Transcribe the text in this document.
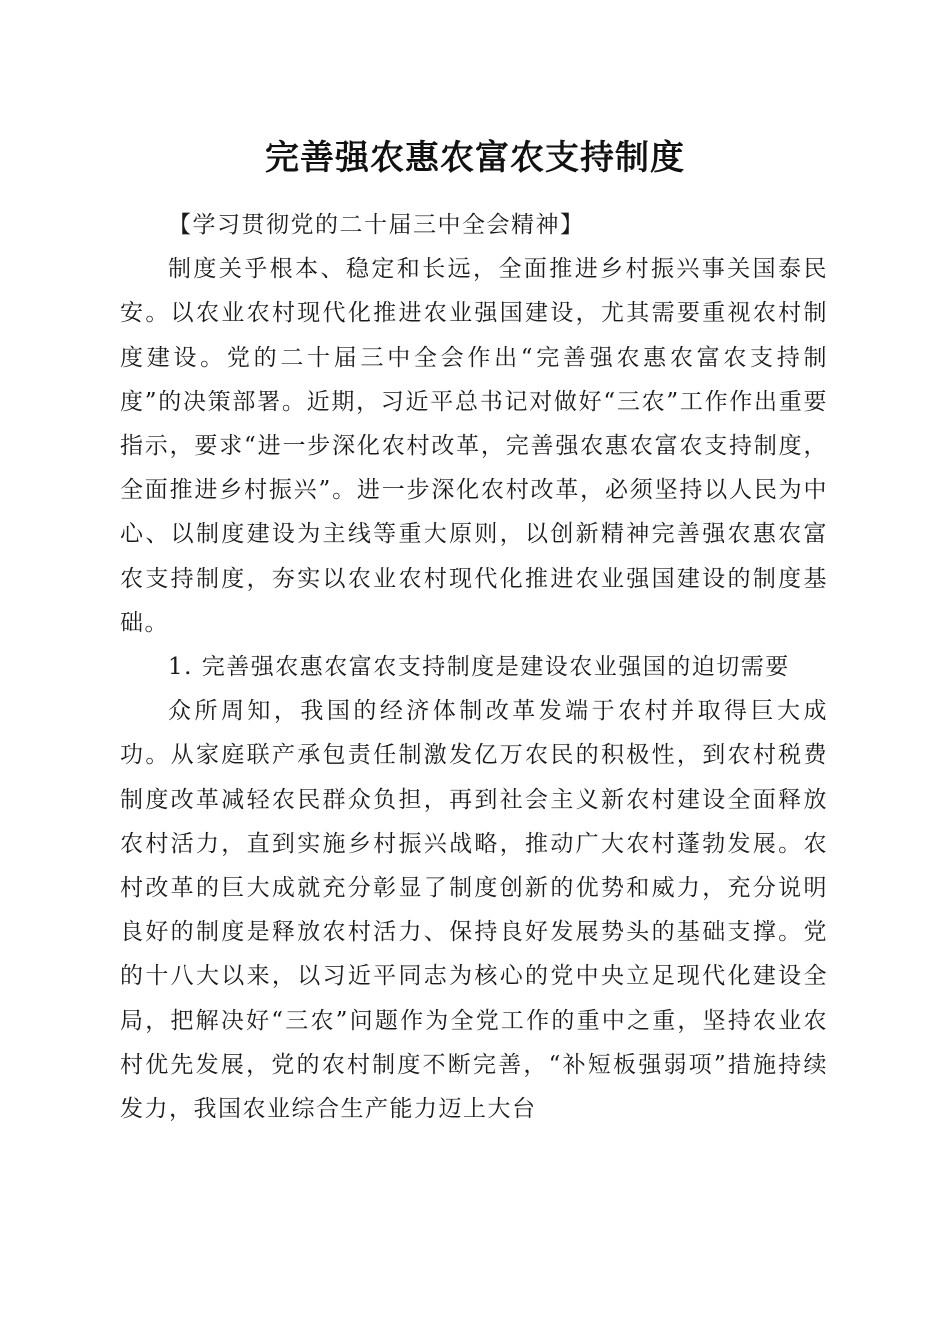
完善强农惠农富农支持制度

【学习贯彻党的二十届三中全会精神】

制度关乎根本、稳定和长远，全面推进乡村振兴事关国泰民安。以农业农村现代化推进农业强国建设，尤其需要重视农村制度建设。党的二十届三中全会作出“完善强农惠农富农支持制度”的决策部署。近期，习近平总书记对做好“三农”工作作出重要指示，要求“进一步深化农村改革，完善强农惠农富农支持制度，全面推进乡村振兴”。进一步深化农村改革，必须坚持以人民为中心、以制度建设为主线等重大原则，以创新精神完善强农惠农富农支持制度，夯实以农业农村现代化推进农业强国建设的制度基础。

1. 完善强农惠农富农支持制度是建设农业强国的迫切需要

众所周知，我国的经济体制改革发端于农村并取得巨大成功。从家庭联产承包责任制激发亿万农民的积极性，到农村税费制度改革减轻农民群众负担，再到社会主义新农村建设全面释放农村活力，直到实施乡村振兴战略，推动广大农村蓬勃发展。农村改革的巨大成就充分彰显了制度创新的优势和威力，充分说明良好的制度是释放农村活力、保持良好发展势头的基础支撑。党的十八大以来，以习近平同志为核心的党中央立足现代化建设全局，把解决好“三农”问题作为全党工作的重中之重，坚持农业农村优先发展，党的农村制度不断完善，“补短板强弱项”措施持续发力，我国农业综合生产能力迈上大台
